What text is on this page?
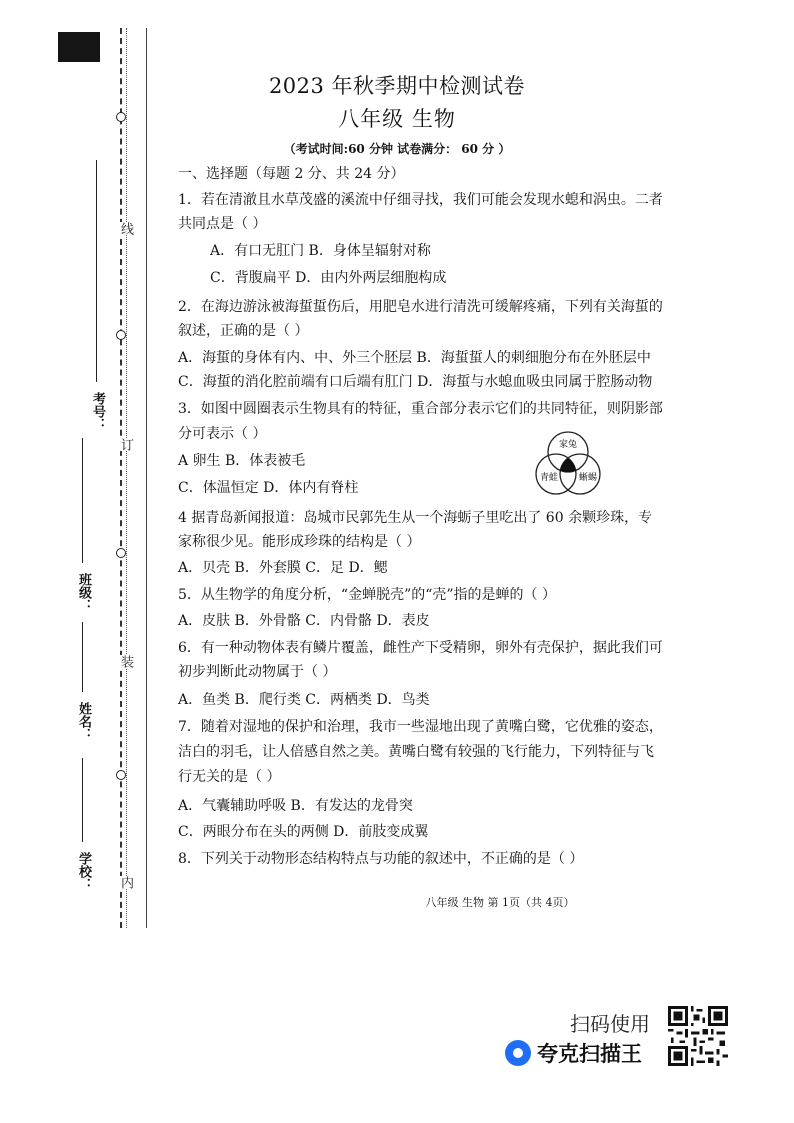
线
订
装
内
考号：
班级：
姓名：
学校：
2023 年秋季期中检测试卷
八年级 生物
（考试时间:60 分钟 试卷满分： 60 分 ）
一、选择题（每题 2 分、共 24 分）
1．若在清澈且水草茂盛的溪流中仔细寻找，我们可能会发现水螅和涡虫。二者
共同点是（ ）
A．有口无肛门 B．身体呈辐射对称
C．背腹扁平 D．由内外两层细胞构成
2．在海边游泳被海蜇蜇伤后，用肥皂水进行清洗可缓解疼痛，下列有关海蜇的
叙述，正确的是（ ）
A．海蜇的身体有内、中、外三个胚层 B．海蜇蜇人的刺细胞分布在外胚层中
C．海蜇的消化腔前端有口后端有肛门 D．海蜇与水螅血吸虫同属于腔肠动物
3．如图中圆圈表示生物具有的特征，重合部分表示它们的共同特征，则阴影部
分可表示（ ）
A 卵生 B．体表被毛
C．体温恒定 D．体内有脊柱
家兔
青蛙 蜥蜴
4 据青岛新闻报道：岛城市民郭先生从一个海蛎子里吃出了 60 余颗珍珠，专
家称很少见。能形成珍珠的结构是（ ）
A．贝壳 B．外套膜 C．足 D．鳃
5．从生物学的角度分析，“金蝉脱壳”的“壳”指的是蝉的（ ）
A．皮肤 B．外骨骼 C．内骨骼 D．表皮
6．有一种动物体表有鳞片覆盖，雌性产下受精卵，卵外有壳保护，据此我们可
初步判断此动物属于（ ）
A．鱼类 B．爬行类 C．两栖类 D．鸟类
7．随着对湿地的保护和治理，我市一些湿地出现了黄嘴白鹭，它优雅的姿态，
洁白的羽毛，让人倍感自然之美。黄嘴白鹭有较强的飞行能力，下列特征与飞
行无关的是（ ）
A．气囊辅助呼吸 B．有发达的龙骨突
C．两眼分布在头的两侧 D．前肢变成翼
8．下列关于动物形态结构特点与功能的叙述中，不正确的是（ ）
八年级 生物 第 1页（共 4页）
扫码使用
夸克扫描王
